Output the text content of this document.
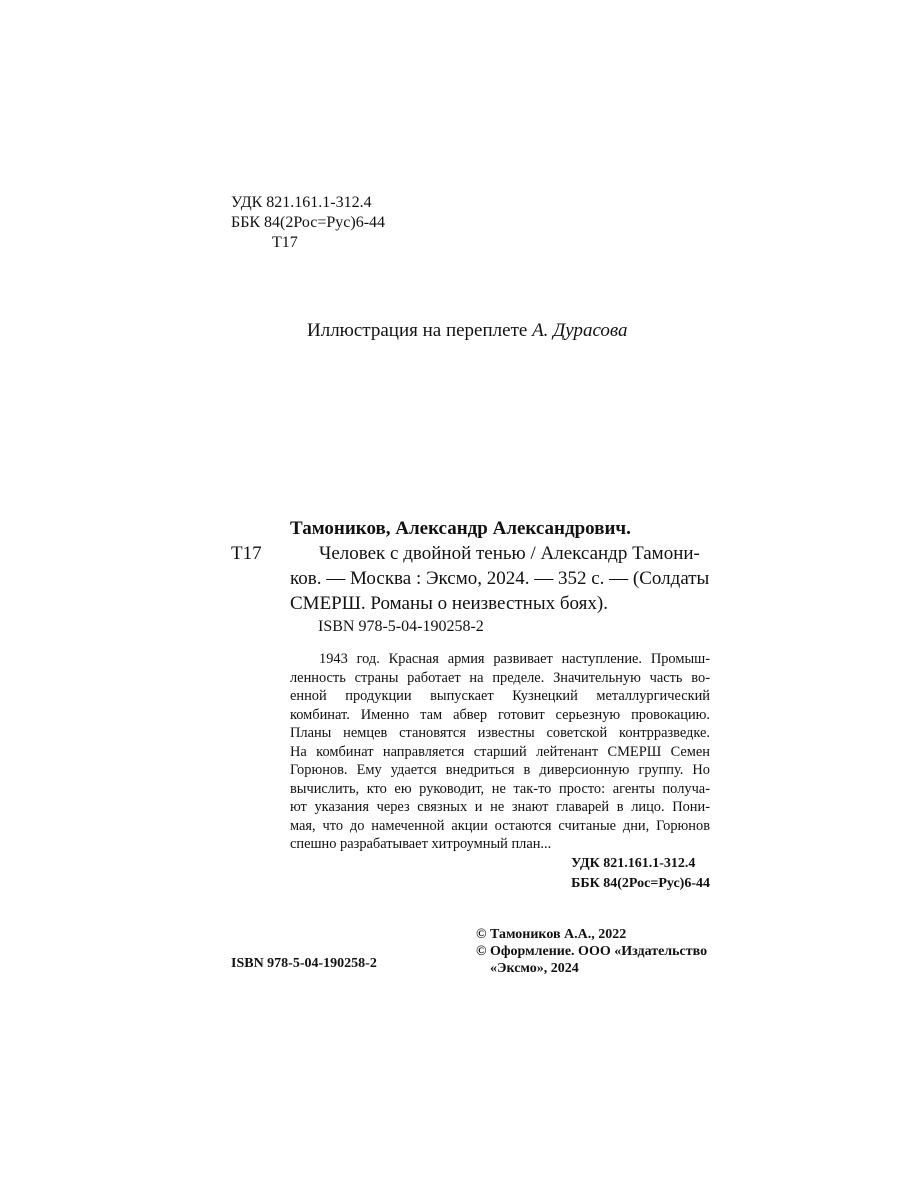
УДК 821.161.1-312.4
ББК 84(2Рос=Рус)6-44
Т17

Иллюстрация на переплете А. Дурасова

Тамоников, Александр Александрович.
Т17	Человек с двойной тенью / Александр Тамони-
ков. — Москва : Эксмо, 2024. — 352 с. — (Солдаты
СМЕРШ. Романы о неизвестных боях).
ISBN 978-5-04-190258-2
1943 год. Красная армия развивает наступление. Промыш-
ленность страны работает на пределе. Значительную часть во-
енной продукции выпускает Кузнецкий металлургический
комбинат. Именно там абвер готовит серьезную провокацию.
Планы немцев становятся известны советской контрразведке.
На комбинат направляется старший лейтенант СМЕРШ Семен
Горюнов. Ему удается внедриться в диверсионную группу. Но
вычислить, кто ею руководит, не так-то просто: агенты получа-
ют указания через связных и не знают главарей в лицо. Пони-
мая, что до намеченной акции остаются считаные дни, Горюнов
спешно разрабатывает хитроумный план...
УДК 821.161.1-312.4
ББК 84(2Рос=Рус)6-44
© Тамоников А.А., 2022
© Оформление. ООО «Издательство
«Эксмо», 2024
ISBN 978-5-04-190258-2
